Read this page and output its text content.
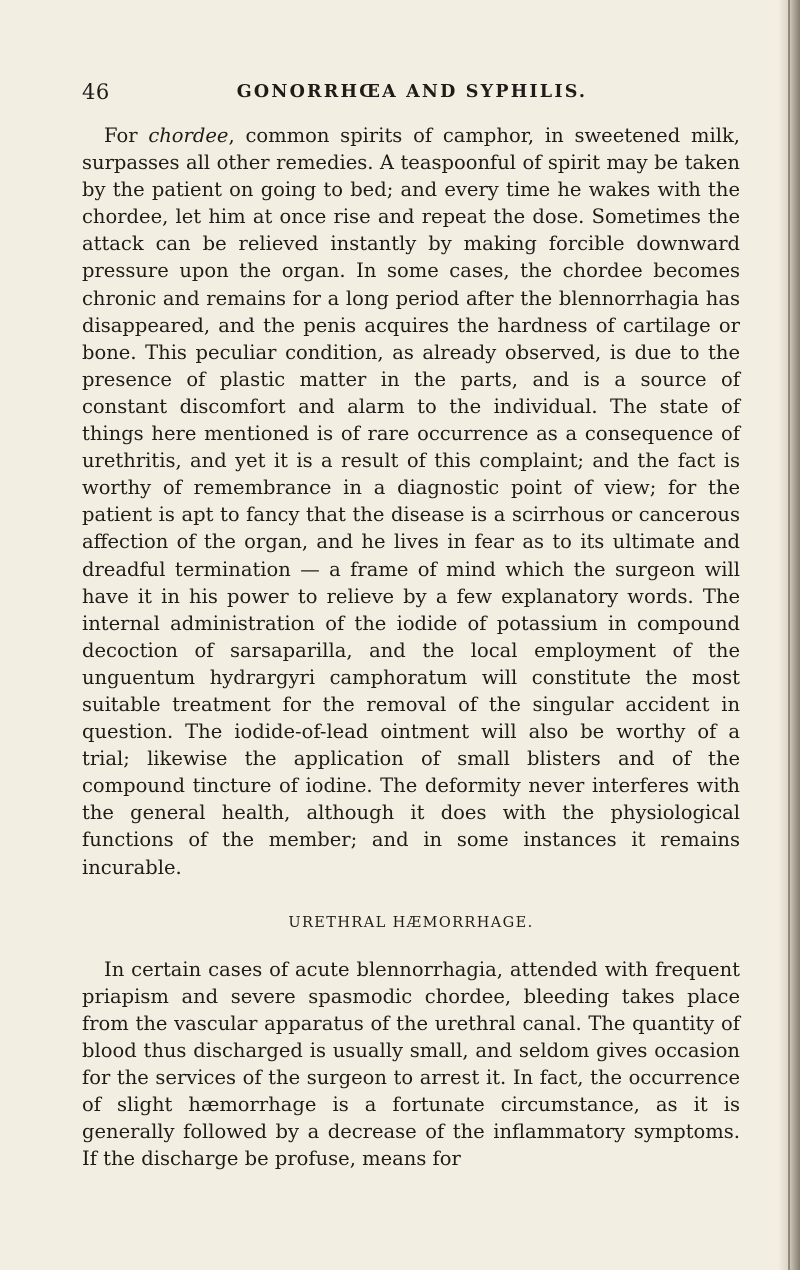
46	GONORRHŒA AND SYPHILIS.

For chordee, common spirits of camphor, in sweetened milk, surpasses all other remedies. A teaspoonful of spirit may be taken by the patient on going to bed; and every time he wakes with the chordee, let him at once rise and repeat the dose. Sometimes the attack can be relieved instantly by making forcible downward pressure upon the organ. In some cases, the chordee becomes chronic and remains for a long period after the blennorrhagia has disappeared, and the penis acquires the hardness of cartilage or bone. This peculiar condition, as already observed, is due to the presence of plastic matter in the parts, and is a source of constant discomfort and alarm to the individual. The state of things here mentioned is of rare occurrence as a consequence of urethritis, and yet it is a result of this complaint; and the fact is worthy of remembrance in a diagnostic point of view; for the patient is apt to fancy that the disease is a scirrhous or cancerous affection of the organ, and he lives in fear as to its ultimate and dreadful termination — a frame of mind which the surgeon will have it in his power to relieve by a few explanatory words. The internal administration of the iodide of potassium in compound decoction of sarsaparilla, and the local employment of the unguentum hydrargyri camphoratum will constitute the most suitable treatment for the removal of the singular accident in question. The iodide-of-lead ointment will also be worthy of a trial; likewise the application of small blisters and of the compound tincture of iodine. The deformity never interferes with the general health, although it does with the physiological functions of the member; and in some instances it remains incurable.

URETHRAL HÆMORRHAGE.

In certain cases of acute blennorrhagia, attended with frequent priapism and severe spasmodic chordee, bleeding takes place from the vascular apparatus of the urethral canal. The quantity of blood thus discharged is usually small, and seldom gives occasion for the services of the surgeon to arrest it. In fact, the occurrence of slight hæmorrhage is a fortunate circumstance, as it is generally followed by a decrease of the inflammatory symptoms. If the discharge be profuse, means for
